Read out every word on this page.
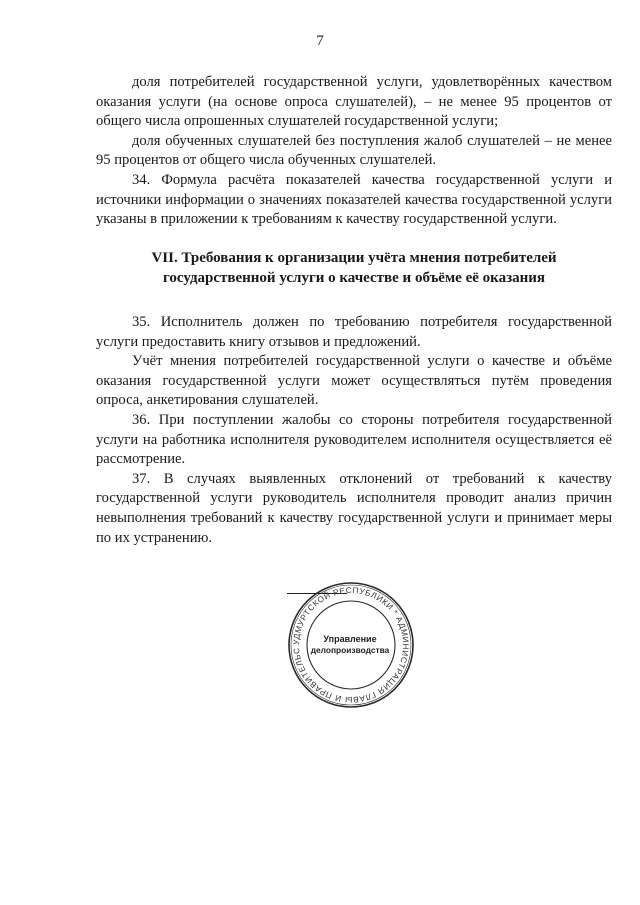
7

доля потребителей государственной услуги, удовлетворённых качеством оказания услуги (на основе опроса слушателей), – не менее 95 процентов от общего числа опрошенных слушателей государственной услуги;

доля обученных слушателей без поступления жалоб слушателей – не менее 95 процентов от общего числа обученных слушателей.

34. Формула расчёта показателей качества государственной услуги и источники информации о значениях показателей качества государственной услуги указаны в приложении к требованиям к качеству государственной услуги.

VII. Требования к организации учёта мнения потребителей
государственной услуги о качестве и объёме её оказания

35. Исполнитель должен по требованию потребителя государственной услуги предоставить книгу отзывов и предложений.

Учёт мнения потребителей государственной услуги о качестве и объёме оказания государственной услуги может осуществляться путём проведения опроса, анкетирования слушателей.

36. При поступлении жалобы со стороны потребителя государственной услуги на работника исполнителя руководителем исполнителя осуществляется её рассмотрение.

37. В случаях выявленных отклонений от требований к качеству государственной услуги руководитель исполнителя проводит анализ причин невыполнения требований к качеству государственной услуги и принимает меры по их устранению.

УДМУРТСКОЙ РЕСПУБЛИКИ * АДМИНИСТРАЦИЯ ГЛАВЫ И ПРАВИТЕЛЬС
Управление
делопроизводства
